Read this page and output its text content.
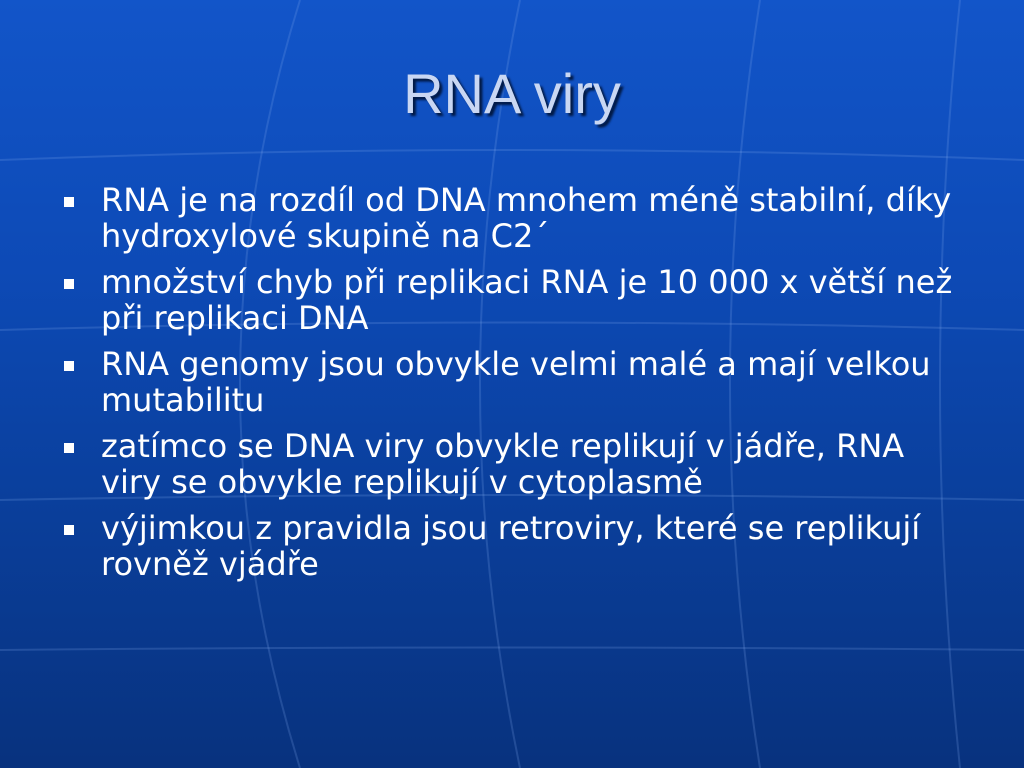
RNA viry
RNA je na rozdíl od DNA mnohem méně stabilní, díky hydroxylové skupině na C2´
množství chyb při replikaci RNA je 10 000 x větší než při replikaci DNA
RNA genomy jsou obvykle velmi malé a mají velkou mutabilitu
zatímco se DNA viry obvykle replikují v jádře, RNA viry se obvykle replikují v cytoplasmě
výjimkou z pravidla jsou retroviry, které se replikují rovněž vjádře
